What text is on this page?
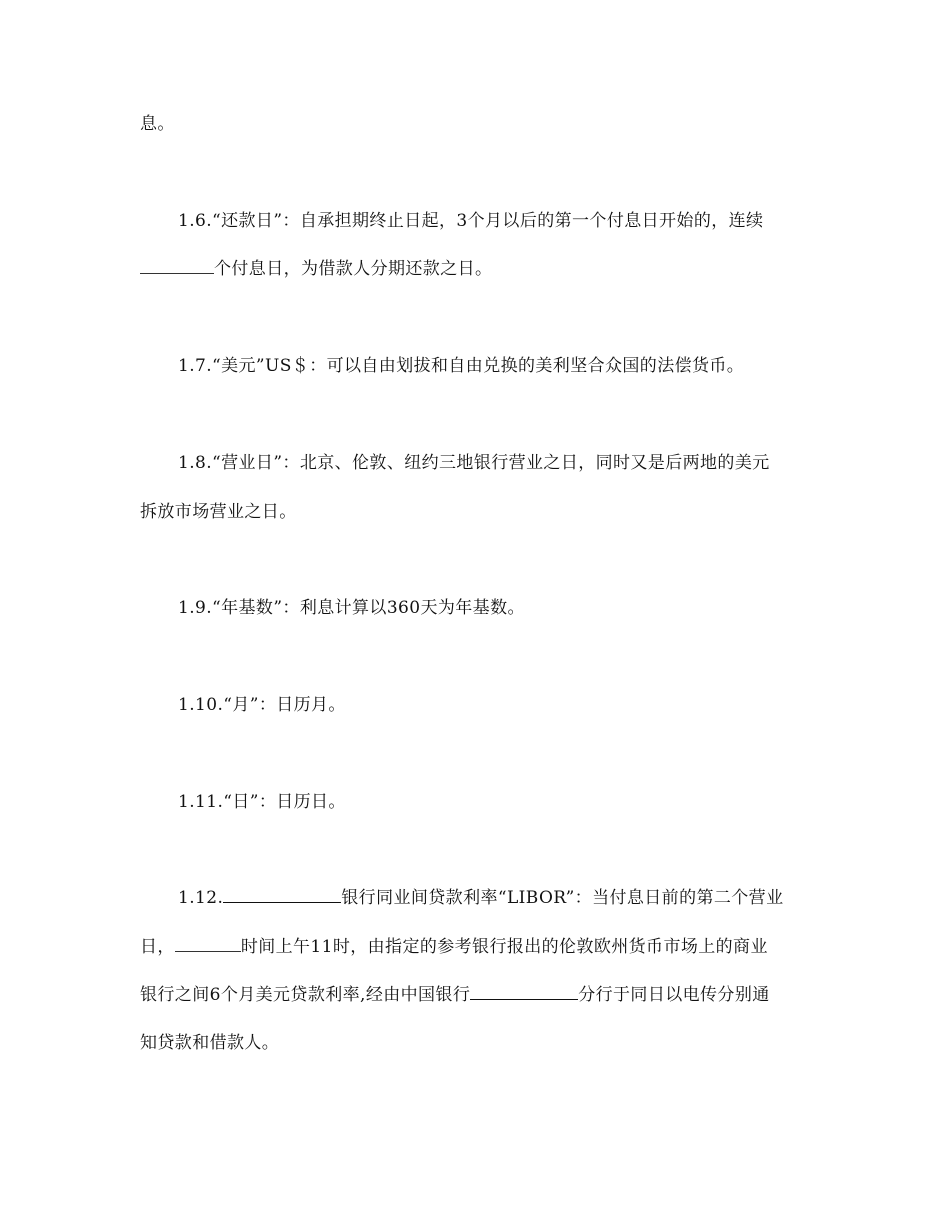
息。
1.6.“还款日”：自承担期终止日起，3个月以后的第一个付息日开始的，连续
个付息日，为借款人分期还款之日。
1.7.“美元”US＄：可以自由划拔和自由兑换的美利坚合众国的法偿货币。
1.8.“营业日”：北京、伦敦、纽约三地银行营业之日，同时又是后两地的美元
拆放市场营业之日。
1.9.“年基数”：利息计算以360天为年基数。
1.10.“月”：日历月。
1.11.“日”：日历日。
1.12.	银行同业间贷款利率“LIBOR”：当付息日前的第二个营业
日，	时间上午11时，由指定的参考银行报出的伦敦欧州货币市场上的商业
银行之间6个月美元贷款利率,经由中国银行	分行于同日以电传分别通
知贷款和借款人。
